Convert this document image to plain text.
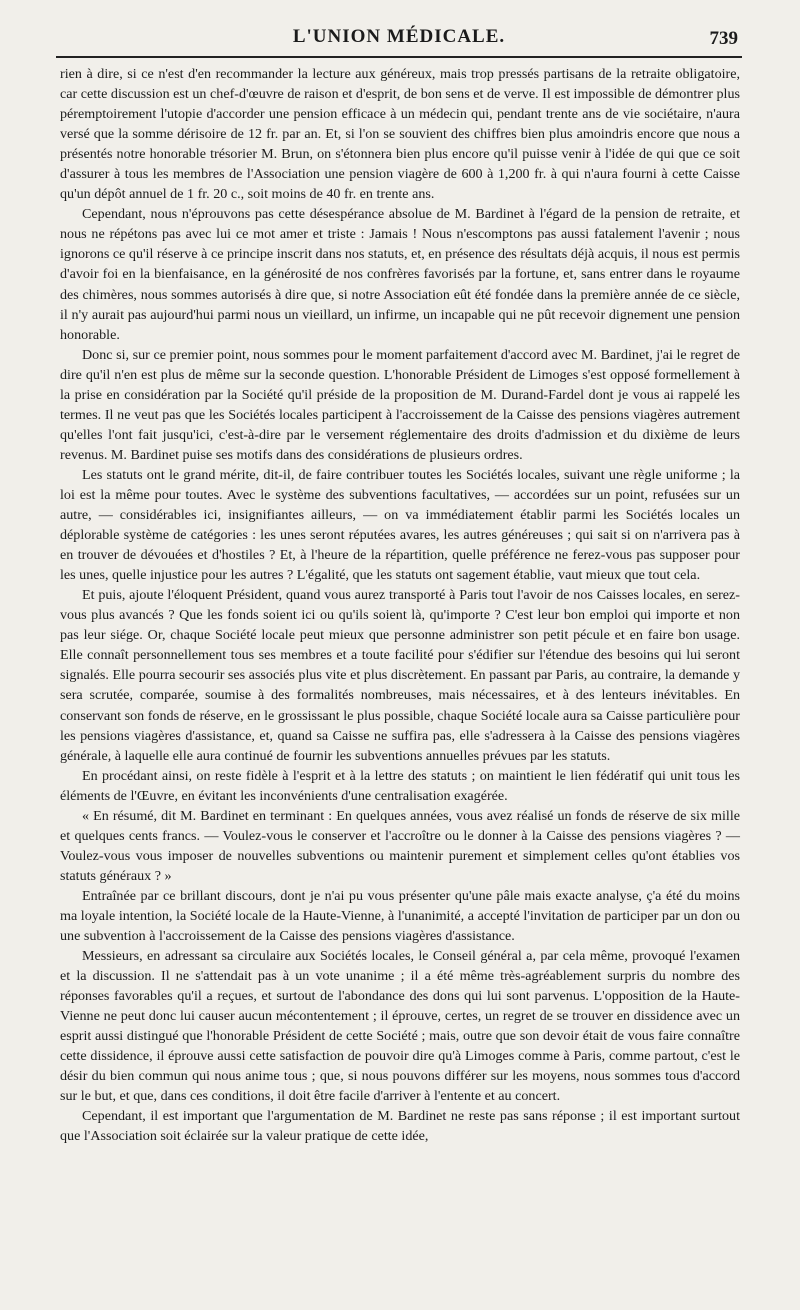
L'UNION MÉDICALE.	739

rien à dire, si ce n'est d'en recommander la lecture aux généreux, mais trop pressés partisans de la retraite obligatoire, car cette discussion est un chef-d'œuvre de raison et d'esprit, de bon sens et de verve. Il est impossible de démontrer plus péremptoirement l'utopie d'accorder une pension efficace à un médecin qui, pendant trente ans de vie sociétaire, n'aura versé que la somme dérisoire de 12 fr. par an. Et, si l'on se souvient des chiffres bien plus amoindris encore que nous a présentés notre honorable trésorier M. Brun, on s'étonnera bien plus encore qu'il puisse venir à l'idée de qui que ce soit d'assurer à tous les membres de l'Association une pension viagère de 600 à 1,200 fr. à qui n'aura fourni à cette Caisse qu'un dépôt annuel de 1 fr. 20 c., soit moins de 40 fr. en trente ans.

Cependant, nous n'éprouvons pas cette désespérance absolue de M. Bardinet à l'égard de la pension de retraite, et nous ne répétons pas avec lui ce mot amer et triste : Jamais ! Nous n'escomptons pas aussi fatalement l'avenir ; nous ignorons ce qu'il réserve à ce principe inscrit dans nos statuts, et, en présence des résultats déjà acquis, il nous est permis d'avoir foi en la bienfaisance, en la générosité de nos confrères favorisés par la fortune, et, sans entrer dans le royaume des chimères, nous sommes autorisés à dire que, si notre Association eût été fondée dans la première année de ce siècle, il n'y aurait pas aujourd'hui parmi nous un vieillard, un infirme, un incapable qui ne pût recevoir dignement une pension honorable.

Donc si, sur ce premier point, nous sommes pour le moment parfaitement d'accord avec M. Bardinet, j'ai le regret de dire qu'il n'en est plus de même sur la seconde question. L'honorable Président de Limoges s'est opposé formellement à la prise en considération par la Société qu'il préside de la proposition de M. Durand-Fardel dont je vous ai rappelé les termes. Il ne veut pas que les Sociétés locales participent à l'accroissement de la Caisse des pensions viagères autrement qu'elles l'ont fait jusqu'ici, c'est-à-dire par le versement réglementaire des droits d'admission et du dixième de leurs revenus. M. Bardinet puise ses motifs dans des considérations de plusieurs ordres.

Les statuts ont le grand mérite, dit-il, de faire contribuer toutes les Sociétés locales, suivant une règle uniforme ; la loi est la même pour toutes. Avec le système des subventions facultatives, — accordées sur un point, refusées sur un autre, — considérables ici, insignifiantes ailleurs, — on va immédiatement établir parmi les Sociétés locales un déplorable système de catégories : les unes seront réputées avares, les autres généreuses ; qui sait si on n'arrivera pas à en trouver de dévouées et d'hostiles ? Et, à l'heure de la répartition, quelle préférence ne ferez-vous pas supposer pour les unes, quelle injustice pour les autres ? L'égalité, que les statuts ont sagement établie, vaut mieux que tout cela.

Et puis, ajoute l'éloquent Président, quand vous aurez transporté à Paris tout l'avoir de nos Caisses locales, en serez-vous plus avancés ? Que les fonds soient ici ou qu'ils soient là, qu'importe ? C'est leur bon emploi qui importe et non pas leur siége. Or, chaque Société locale peut mieux que personne administrer son petit pécule et en faire bon usage. Elle connaît personnellement tous ses membres et a toute facilité pour s'édifier sur l'étendue des besoins qui lui seront signalés. Elle pourra secourir ses associés plus vite et plus discrètement. En passant par Paris, au contraire, la demande y sera scrutée, comparée, soumise à des formalités nombreuses, mais nécessaires, et à des lenteurs inévitables. En conservant son fonds de réserve, en le grossissant le plus possible, chaque Société locale aura sa Caisse particulière pour les pensions viagères d'assistance, et, quand sa Caisse ne suffira pas, elle s'adressera à la Caisse des pensions viagères générale, à laquelle elle aura continué de fournir les subventions annuelles prévues par les statuts.

En procédant ainsi, on reste fidèle à l'esprit et à la lettre des statuts ; on maintient le lien fédératif qui unit tous les éléments de l'Œuvre, en évitant les inconvénients d'une centralisation exagérée.

« En résumé, dit M. Bardinet en terminant : En quelques années, vous avez réalisé un fonds de réserve de six mille et quelques cents francs. — Voulez-vous le conserver et l'accroître ou le donner à la Caisse des pensions viagères ? — Voulez-vous vous imposer de nouvelles subventions ou maintenir purement et simplement celles qu'ont établies vos statuts généraux ? »

Entraînée par ce brillant discours, dont je n'ai pu vous présenter qu'une pâle mais exacte analyse, ç'a été du moins ma loyale intention, la Société locale de la Haute-Vienne, à l'unanimité, a accepté l'invitation de participer par un don ou une subvention à l'accroissement de la Caisse des pensions viagères d'assistance.

Messieurs, en adressant sa circulaire aux Sociétés locales, le Conseil général a, par cela même, provoqué l'examen et la discussion. Il ne s'attendait pas à un vote unanime ; il a été même très-agréablement surpris du nombre des réponses favorables qu'il a reçues, et surtout de l'abondance des dons qui lui sont parvenus. L'opposition de la Haute-Vienne ne peut donc lui causer aucun mécontentement ; il éprouve, certes, un regret de se trouver en dissidence avec un esprit aussi distingué que l'honorable Président de cette Société ; mais, outre que son devoir était de vous faire connaître cette dissidence, il éprouve aussi cette satisfaction de pouvoir dire qu'à Limoges comme à Paris, comme partout, c'est le désir du bien commun qui nous anime tous ; que, si nous pouvons différer sur les moyens, nous sommes tous d'accord sur le but, et que, dans ces conditions, il doit être facile d'arriver à l'entente et au concert.

Cependant, il est important que l'argumentation de M. Bardinet ne reste pas sans réponse ; il est important surtout que l'Association soit éclairée sur la valeur pratique de cette idée,
